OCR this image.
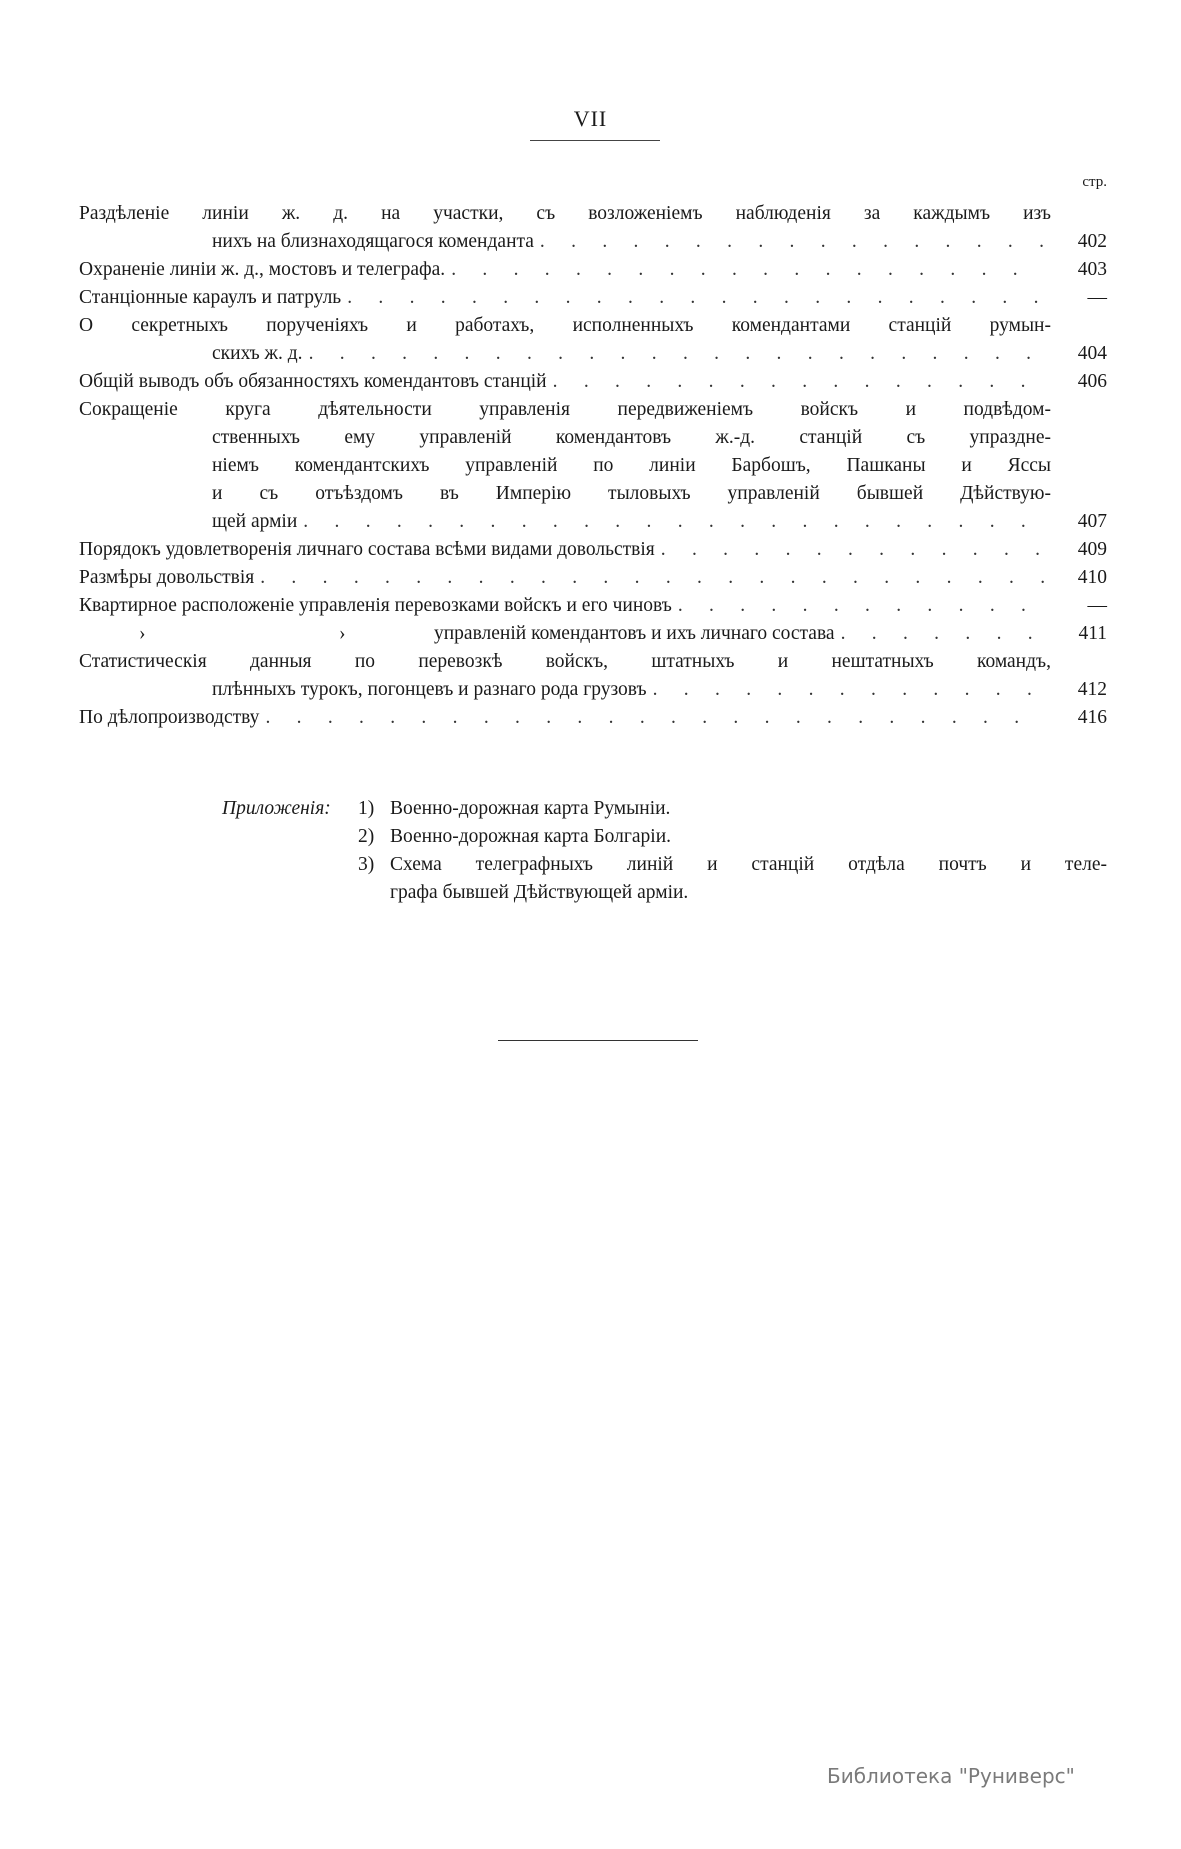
VII
стр.
Раздѣленіе линіи ж. д. на участки, съ возложеніемъ наблюденія за каждымъ изъ
нихъ на близнаходящагося коменданта . . .	402
Охраненіе линіи ж. д., мостовъ и телеграфа. . . .	403
Станціонные караулъ и патруль . . .	—
О секретныхъ порученіяхъ и работахъ, исполненныхъ комендантами станцій румын-
скихъ ж. д. . . .	404
Общій выводъ объ обязанностяхъ комендантовъ станцій . . .	406
Сокращеніе круга дѣятельности управленія передвиженіемъ войскъ и подвѣдом-
ственныхъ ему управленій комендантовъ ж.-д. станцій съ упраздне-
ніемъ комендантскихъ управленій по линіи Барбошъ, Пашканы и Яссы
и съ отъѣздомъ въ Имперію тыловыхъ управленій бывшей Дѣйствую-
щей арміи . . .	407
Порядокъ удовлетворенія личнаго состава всѣми видами довольствія . . .	409
Размѣры довольствія . . .	410
Квартирное расположеніе управленія перевозками войскъ и его чиновъ . . .	—
›	›	управленій комендантовъ и ихъ личнаго состава . . .	411
Статистическія данныя по перевозкѣ войскъ, штатныхъ и нештатныхъ командъ,
плѣнныхъ турокъ, погонцевъ и разнаго рода грузовъ . . .	412
По дѣлопроизводству . . .	416
Приложенія:	1) Военно-дорожная карта Румыніи.
2) Военно-дорожная карта Болгаріи.
3) Схема телеграфныхъ линій и станцій отдѣла почтъ и теле-
графа бывшей Дѣйствующей арміи.
Библиотека "Руниверс"
